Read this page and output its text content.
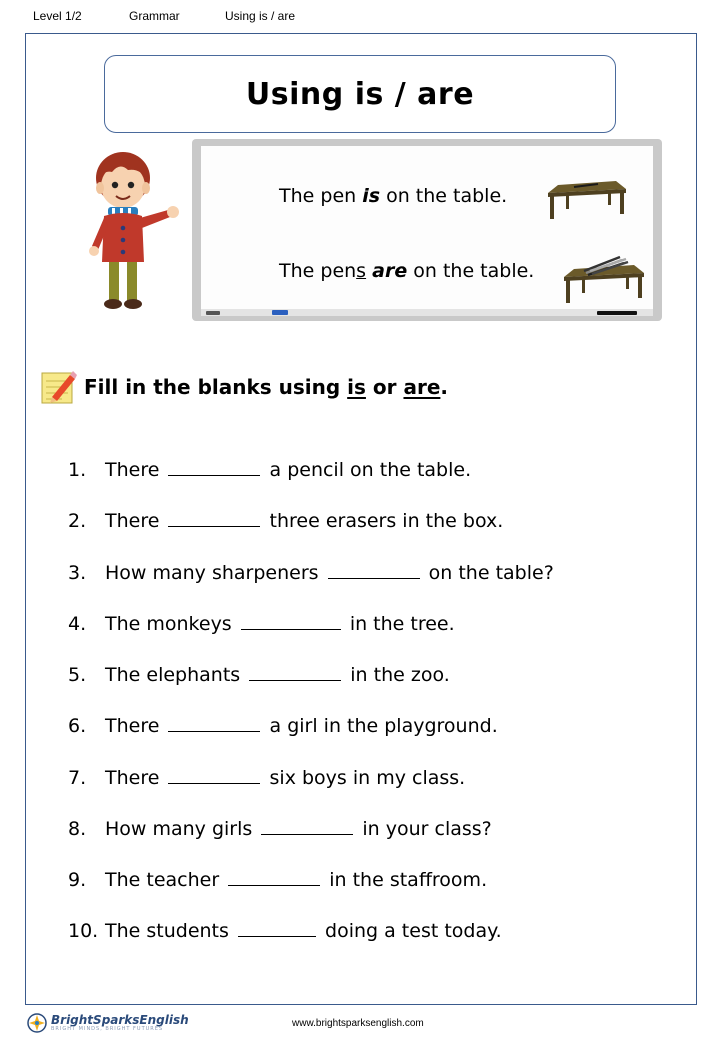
Level 1/2	Grammar	Using is / are
Using is / are
The pen is on the table.
The pens are on the table.
Fill in the blanks using is or are.
1. There	a pencil on the table.
2. There	three erasers in the box.
3. How many sharpeners	on the table?
4. The monkeys	in the tree.
5. The elephants	in the zoo.
6. There	a girl in the playground.
7. There	six boys in my class.
8. How many girls	in your class?
9. The teacher	in the staffroom.
10. The students	doing a test today.
BrightSparksEnglish
BRIGHT MINDS, BRIGHT FUTURES	www.brightsparksenglish.com
